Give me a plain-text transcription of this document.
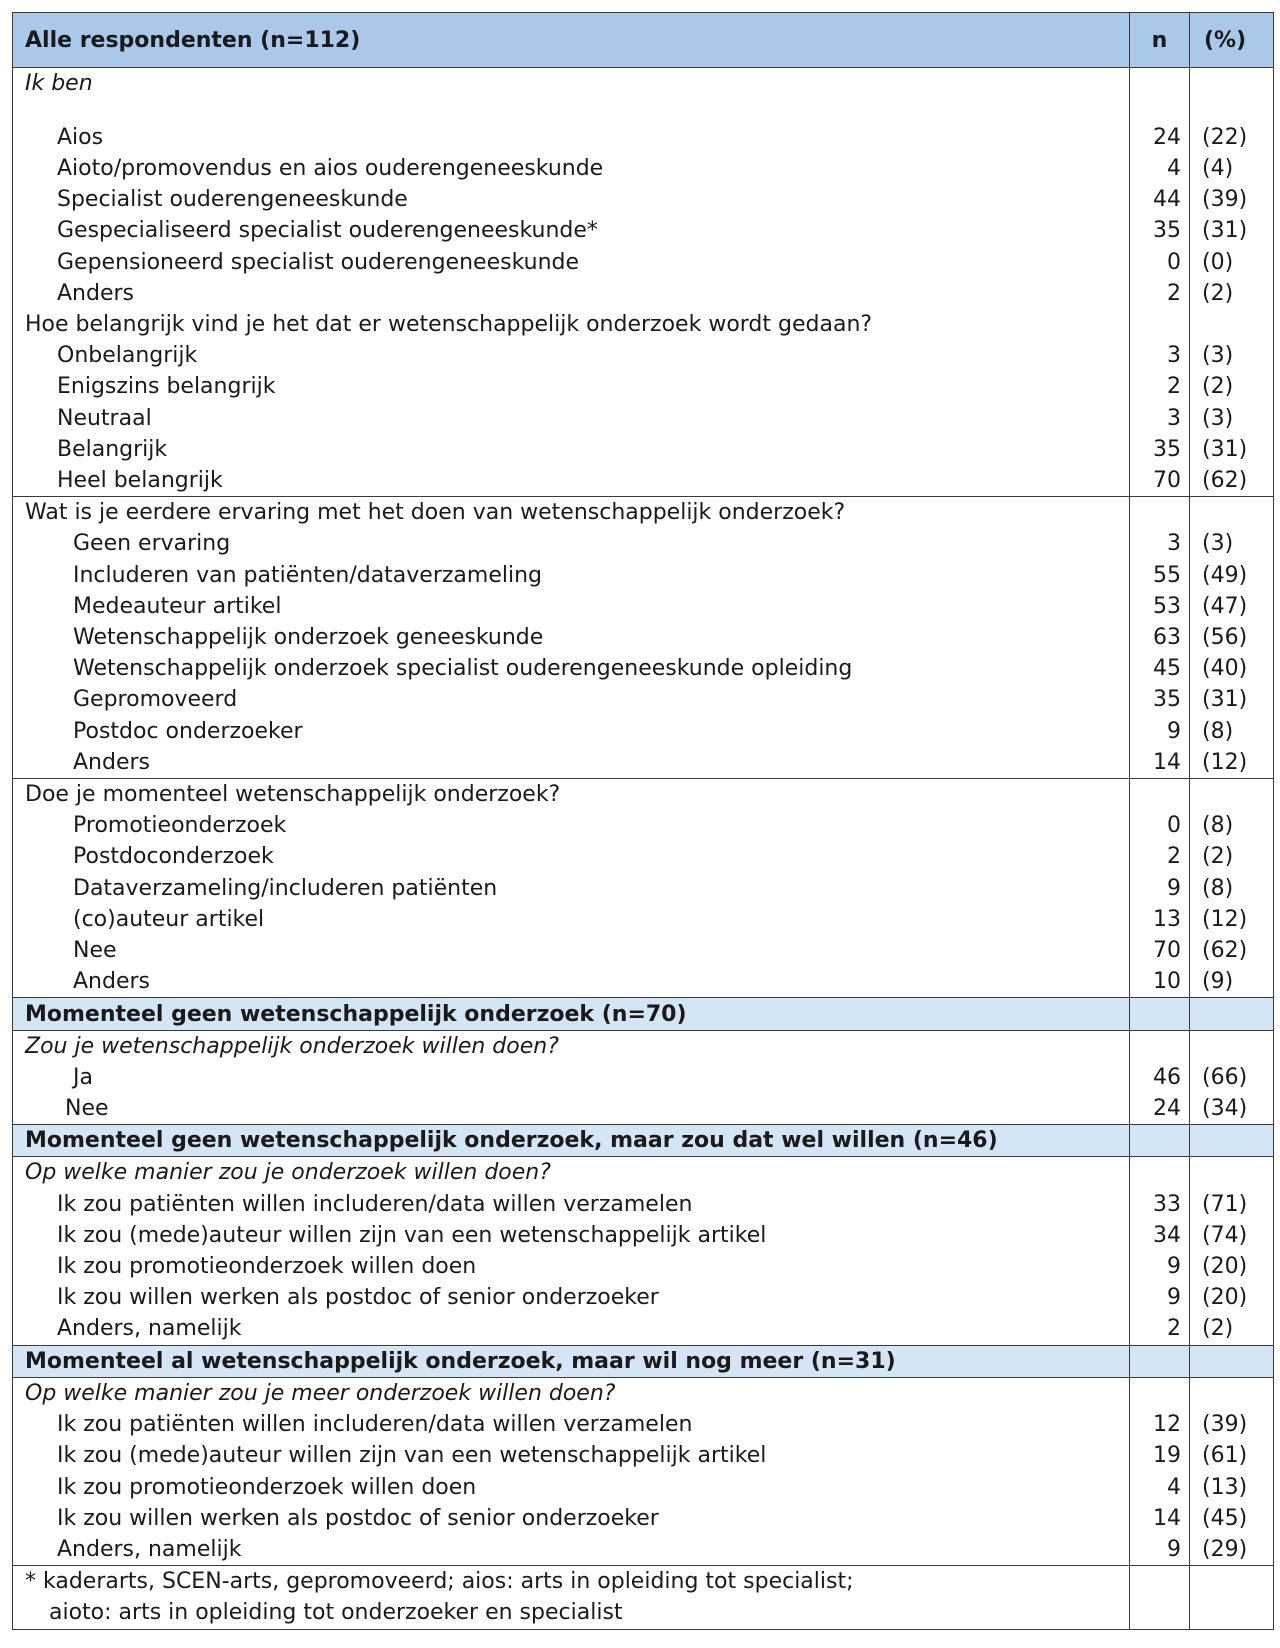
Alle respondenten (n=112)	n	(%)
Ik ben		

Aios	24	(22)
Aioto/promovendus en aios ouderengeneeskunde	4	(4)
Specialist ouderengeneeskunde	44	(39)
Gespecialiseerd specialist ouderengeneeskunde*	35	(31)
Gepensioneerd specialist ouderengeneeskunde	0	(0)
Anders	2	(2)
Hoe belangrijk vind je het dat er wetenschappelijk onderzoek wordt gedaan?		
Onbelangrijk	3	(3)
Enigszins belangrijk	2	(2)
Neutraal	3	(3)
Belangrijk	35	(31)
Heel belangrijk	70	(62)
Wat is je eerdere ervaring met het doen van wetenschappelijk onderzoek?		
Geen ervaring	3	(3)
Includeren van patiënten/dataverzameling	55	(49)
Medeauteur artikel	53	(47)
Wetenschappelijk onderzoek geneeskunde	63	(56)
Wetenschappelijk onderzoek specialist ouderengeneeskunde opleiding	45	(40)
Gepromoveerd	35	(31)
Postdoc onderzoeker	9	(8)
Anders	14	(12)
Doe je momenteel wetenschappelijk onderzoek?		
Promotieonderzoek	0	(8)
Postdoconderzoek	2	(2)
Dataverzameling/includeren patiënten	9	(8)
(co)auteur artikel	13	(12)
Nee	70	(62)
Anders	10	(9)
Momenteel geen wetenschappelijk onderzoek (n=70)		
Zou je wetenschappelijk onderzoek willen doen?		
Ja	46	(66)
Nee	24	(34)
Momenteel geen wetenschappelijk onderzoek, maar zou dat wel willen (n=46)		
Op welke manier zou je onderzoek willen doen?		
Ik zou patiënten willen includeren/data willen verzamelen	33	(71)
Ik zou (mede)auteur willen zijn van een wetenschappelijk artikel	34	(74)
Ik zou promotieonderzoek willen doen	9	(20)
Ik zou willen werken als postdoc of senior onderzoeker	9	(20)
Anders, namelijk	2	(2)
Momenteel al wetenschappelijk onderzoek, maar wil nog meer (n=31)		
Op welke manier zou je meer onderzoek willen doen?		
Ik zou patiënten willen includeren/data willen verzamelen	12	(39)
Ik zou (mede)auteur willen zijn van een wetenschappelijk artikel	19	(61)
Ik zou promotieonderzoek willen doen	4	(13)
Ik zou willen werken als postdoc of senior onderzoeker	14	(45)
Anders, namelijk	9	(29)
* kaderarts, SCEN-arts, gepromoveerd; aios: arts in opleiding tot specialist;		
aioto: arts in opleiding tot onderzoeker en specialist		
